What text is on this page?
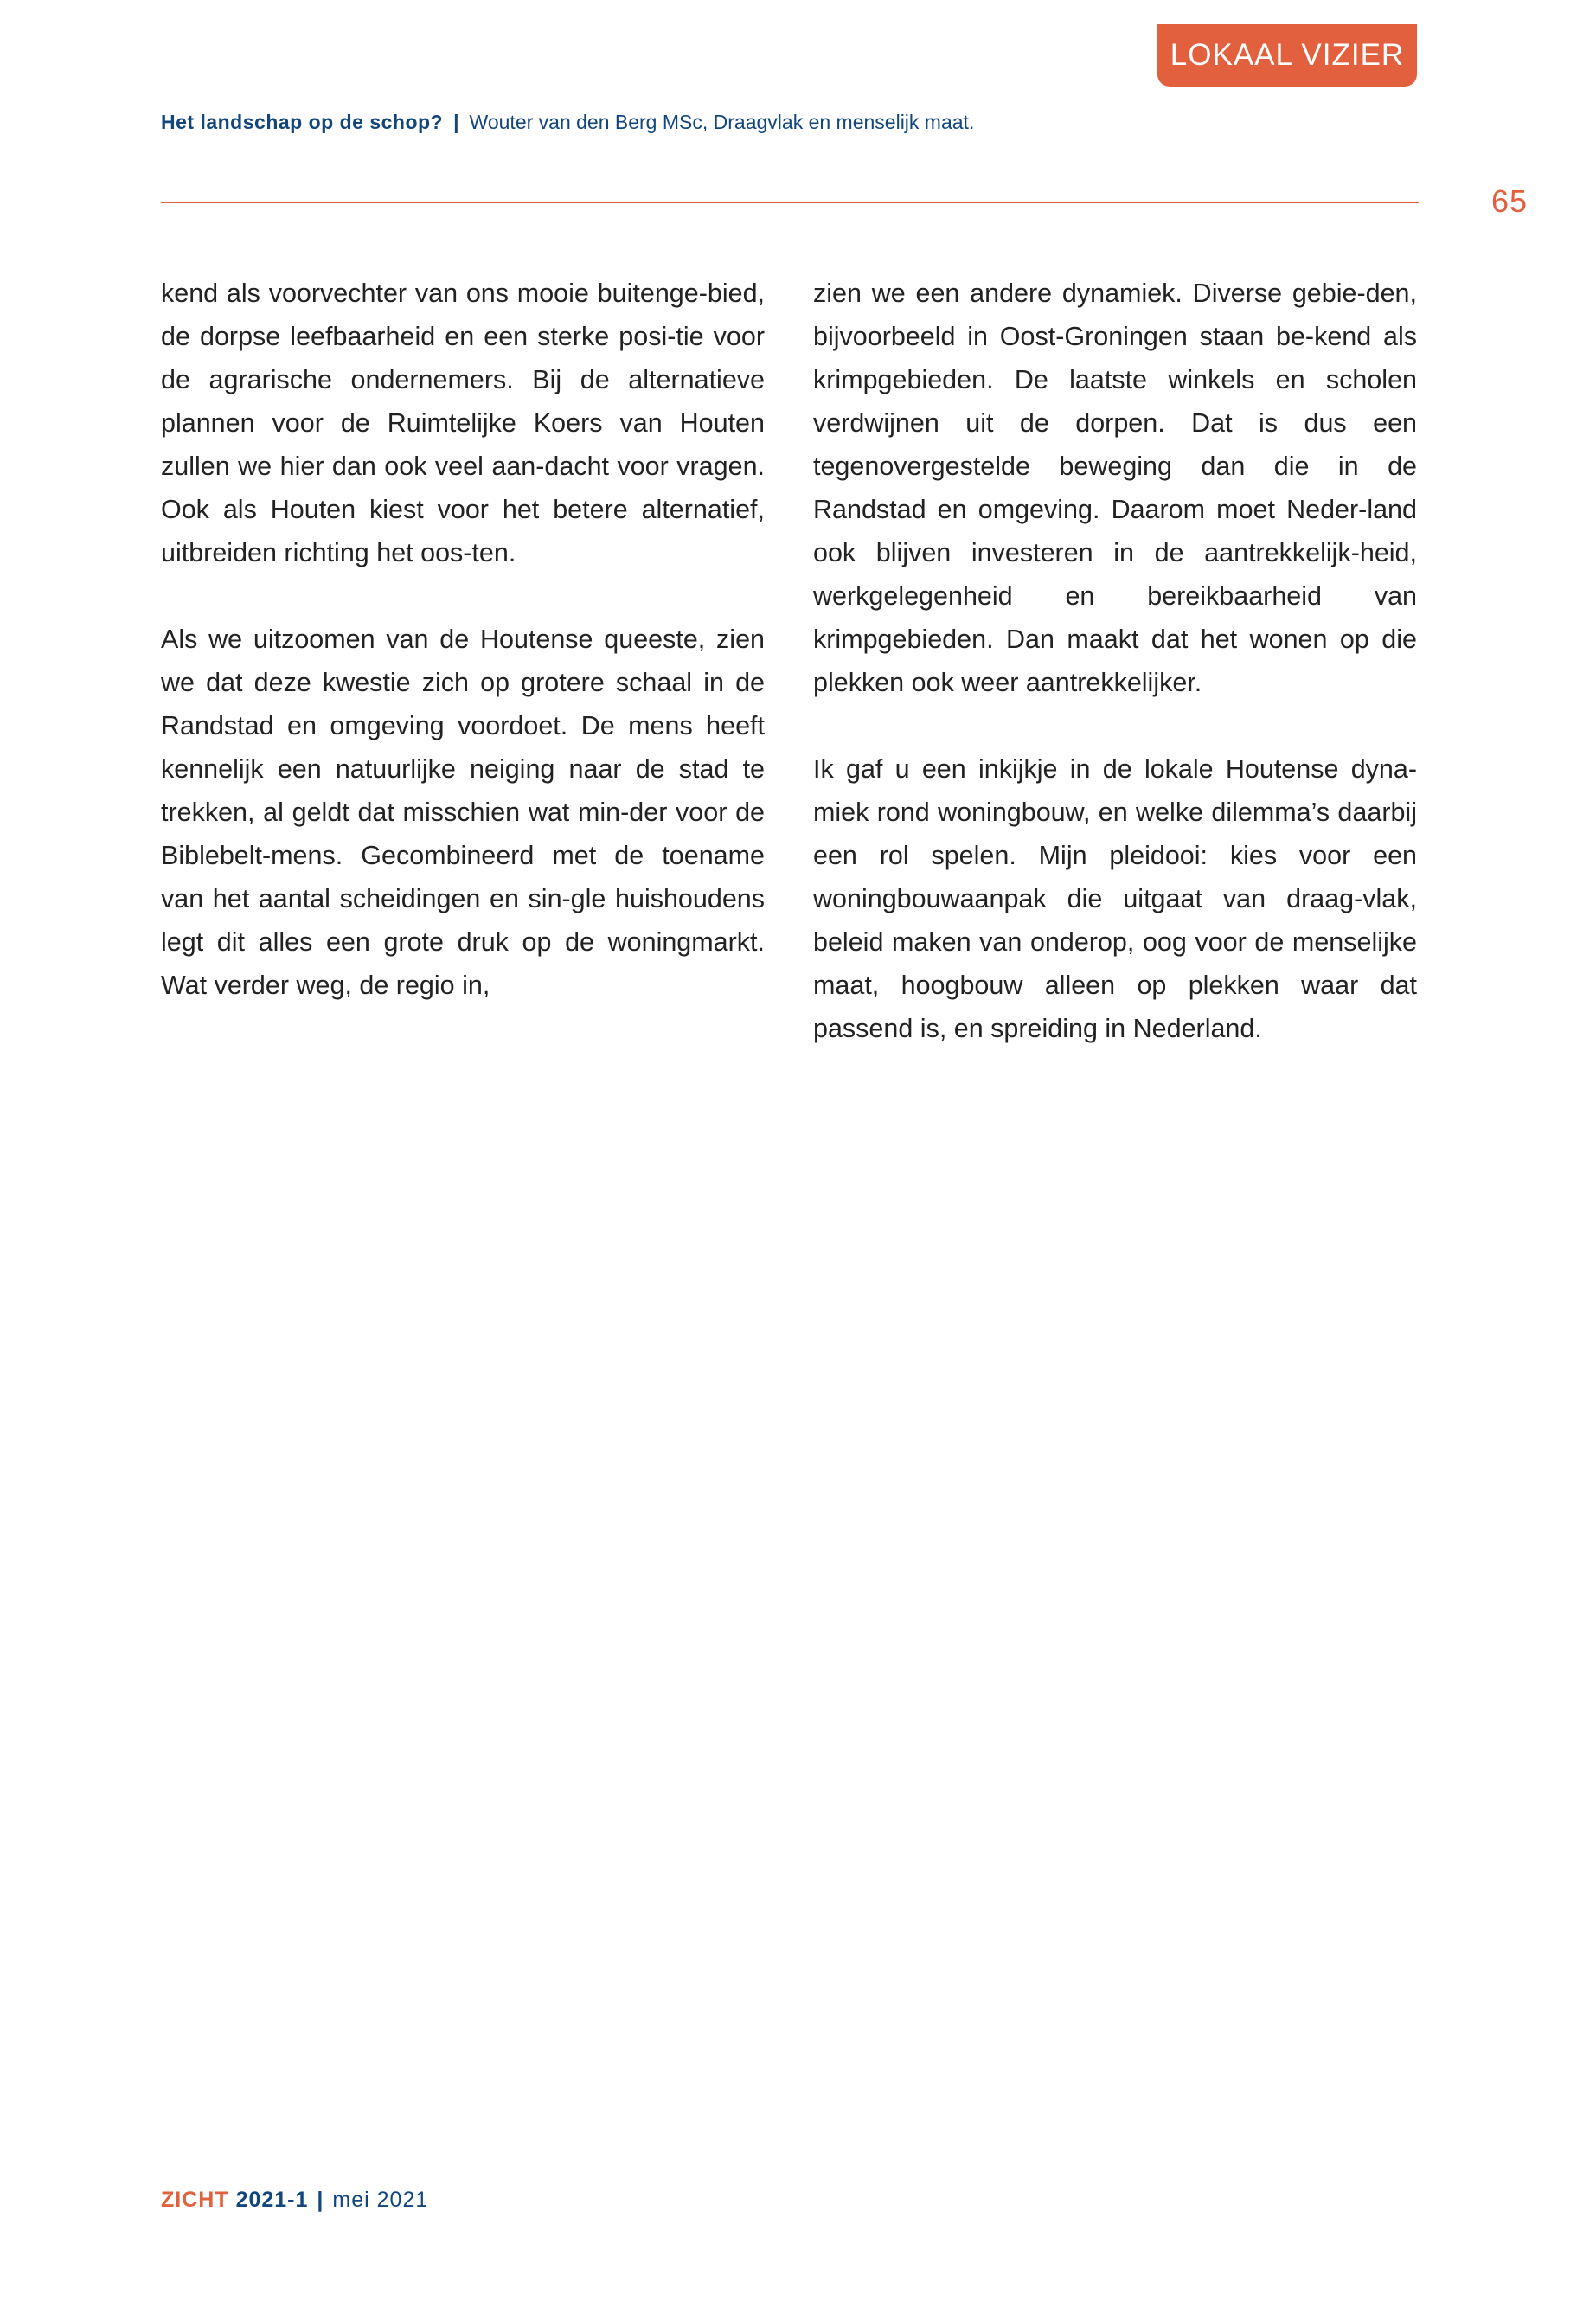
LOKAAL VIZIER
Het landschap op de schop? | Wouter van den Berg MSc, Draagvlak en menselijk maat.
65

kend als voorvechter van ons mooie buitenge-bied, de dorpse leefbaarheid en een sterke posi-tie voor de agrarische ondernemers. Bij de alternatieve plannen voor de Ruimtelijke Koers van Houten zullen we hier dan ook veel aan-dacht voor vragen. Ook als Houten kiest voor het betere alternatief, uitbreiden richting het oos-ten.

Als we uitzoomen van de Houtense queeste, zien we dat deze kwestie zich op grotere schaal in de Randstad en omgeving voordoet. De mens heeft kennelijk een natuurlijke neiging naar de stad te trekken, al geldt dat misschien wat min-der voor de Biblebelt-mens. Gecombineerd met de toename van het aantal scheidingen en sin-gle huishoudens legt dit alles een grote druk op de woningmarkt. Wat verder weg, de regio in,

zien we een andere dynamiek. Diverse gebie-den, bijvoorbeeld in Oost-Groningen staan be-kend als krimpgebieden. De laatste winkels en scholen verdwijnen uit de dorpen. Dat is dus een tegenovergestelde beweging dan die in de Randstad en omgeving. Daarom moet Neder-land ook blijven investeren in de aantrekkelijk-heid, werkgelegenheid en bereikbaarheid van krimpgebieden. Dan maakt dat het wonen op die plekken ook weer aantrekkelijker.

Ik gaf u een inkijkje in de lokale Houtense dyna-miek rond woningbouw, en welke dilemma’s daarbij een rol spelen. Mijn pleidooi: kies voor een woningbouwaanpak die uitgaat van draag-vlak, beleid maken van onderop, oog voor de menselijke maat, hoogbouw alleen op plekken waar dat passend is, en spreiding in Nederland.

ZICHT 2021-1 | mei 2021
